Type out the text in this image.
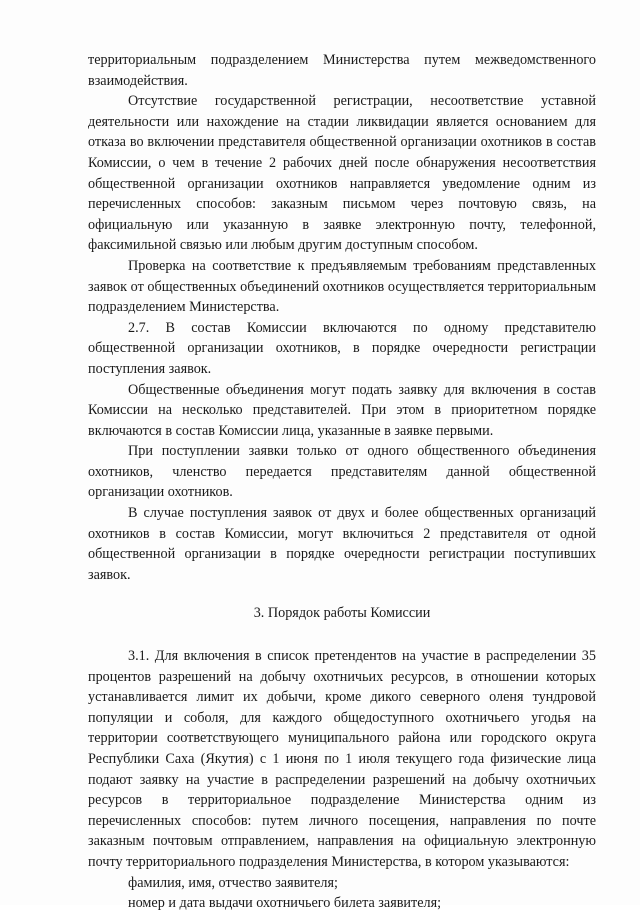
территориальным подразделением Министерства путем межведомственного взаимодействия.

Отсутствие государственной регистрации, несоответствие уставной деятельности или нахождение на стадии ликвидации является основанием для отказа во включении представителя общественной организации охотников в состав Комиссии, о чем в течение 2 рабочих дней после обнаружения несоответствия общественной организации охотников направляется уведомление одним из перечисленных способов: заказным письмом через почтовую связь, на официальную или указанную в заявке электронную почту, телефонной, факсимильной связью или любым другим доступным способом.

Проверка на соответствие к предъявляемым требованиям представленных заявок от общественных объединений охотников осуществляется территориальным подразделением Министерства.

2.7. В состав Комиссии включаются по одному представителю общественной организации охотников, в порядке очередности регистрации поступления заявок.

Общественные объединения могут подать заявку для включения в состав Комиссии на несколько представителей. При этом в приоритетном порядке включаются в состав Комиссии лица, указанные в заявке первыми.

При поступлении заявки только от одного общественного объединения охотников, членство передается представителям данной общественной организации охотников.

В случае поступления заявок от двух и более общественных организаций охотников в состав Комиссии, могут включиться 2 представителя от одной общественной организации в порядке очередности регистрации поступивших заявок.

3. Порядок работы Комиссии

3.1. Для включения в список претендентов на участие в распределении 35 процентов разрешений на добычу охотничьих ресурсов, в отношении которых устанавливается лимит их добычи, кроме дикого северного оленя тундровой популяции и соболя, для каждого общедоступного охотничьего угодья на территории соответствующего муниципального района или городского округа Республики Саха (Якутия) с 1 июня по 1 июля текущего года физические лица подают заявку на участие в распределении разрешений на добычу охотничьих ресурсов в территориальное подразделение Министерства одним из перечисленных способов: путем личного посещения, направления по почте заказным почтовым отправлением, направления на официальную электронную почту территориального подразделения Министерства, в котором указываются:

фамилия, имя, отчество заявителя;

номер и дата выдачи охотничьего билета заявителя;
